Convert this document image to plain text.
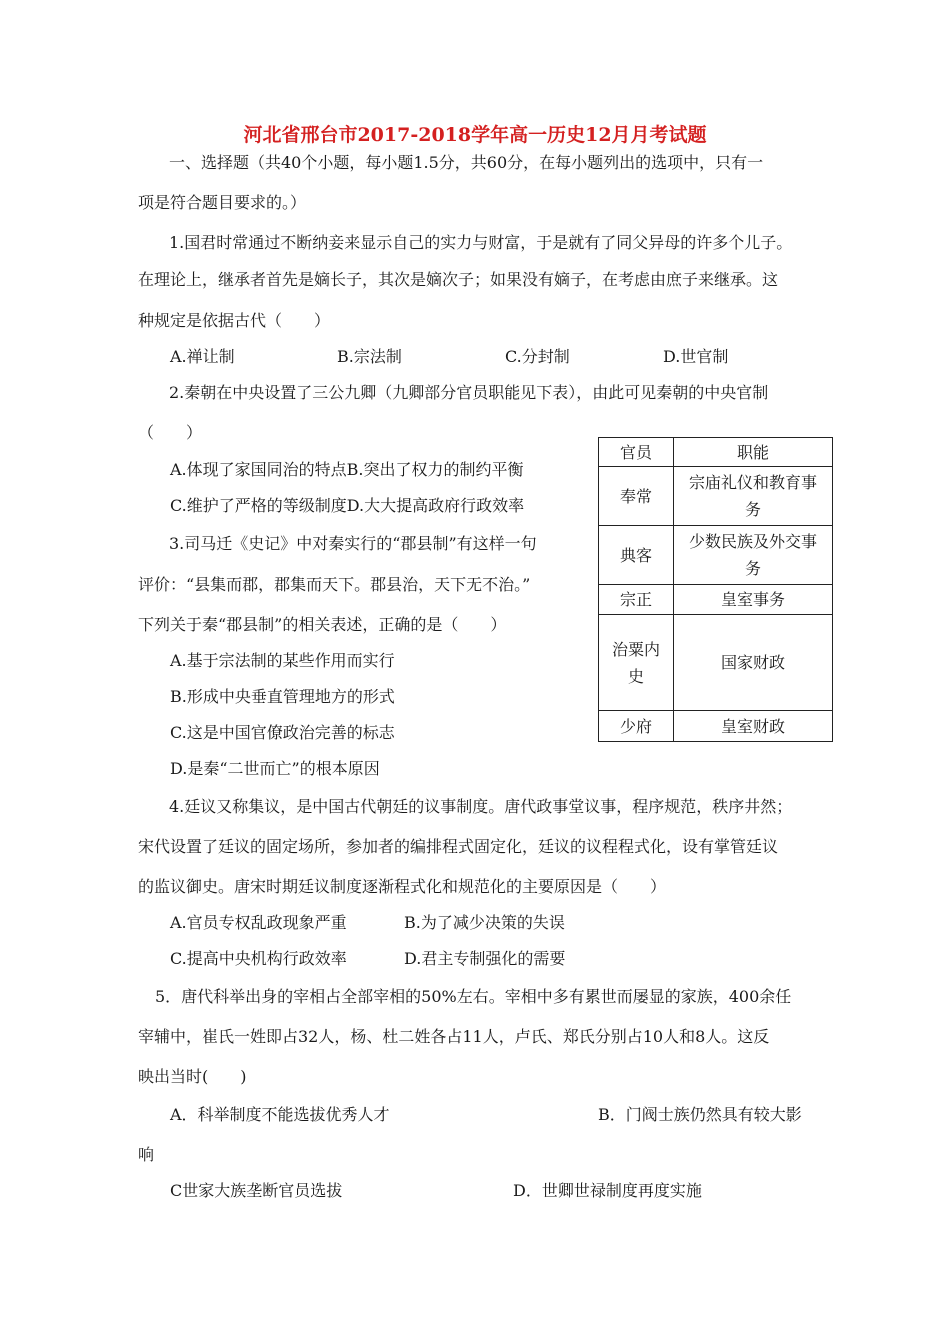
河北省邢台市2017-2018学年高一历史12月月考试题
一、选择题（共40个小题，每小题1.5分，共60分，在每小题列出的选项中，只有一
项是符合题目要求的。）
1.国君时常通过不断纳妾来显示自己的实力与财富，于是就有了同父异母的许多个儿子。
在理论上，继承者首先是嫡长子，其次是嫡次子；如果没有嫡子，在考虑由庶子来继承。这
种规定是依据古代（　　）
A.禅让制	B.宗法制	C.分封制	D.世官制
2.秦朝在中央设置了三公九卿（九卿部分官员职能见下表），由此可见秦朝的中央官制
（　　）
A.体现了家国同治的特点B.突出了权力的制约平衡
C.维护了严格的等级制度D.大大提高政府行政效率
官员	职能
奉常	宗庙礼仪和教育事
务
典客	少数民族及外交事
务
宗正	皇室事务
治粟内
史	国家财政
少府	皇室财政
3.司马迁《史记》中对秦实行的“郡县制”有这样一句
评价：“县集而郡，郡集而天下。郡县治，天下无不治。”
下列关于秦“郡县制”的相关表述，正确的是（　　）
A.基于宗法制的某些作用而实行
B.形成中央垂直管理地方的形式
C.这是中国官僚政治完善的标志
D.是秦“二世而亡”的根本原因
4.廷议又称集议，是中国古代朝廷的议事制度。唐代政事堂议事，程序规范，秩序井然；
宋代设置了廷议的固定场所，参加者的编排程式固定化，廷议的议程程式化，设有掌管廷议
的监议御史。唐宋时期廷议制度逐渐程式化和规范化的主要原因是（　　）
A.官员专权乱政现象严重	B.为了减少决策的失误
C.提高中央机构行政效率	D.君主专制强化的需要
5．唐代科举出身的宰相占全部宰相的50%左右。宰相中多有累世而屡显的家族，400余任
宰辅中，崔氏一姓即占32人，杨、杜二姓各占11人，卢氏、郑氏分别占10人和8人。这反
映出当时(　　)
A．科举制度不能选拔优秀人才	B．门阀士族仍然具有较大影
响
C世家大族垄断官员选拔	D．世卿世禄制度再度实施
